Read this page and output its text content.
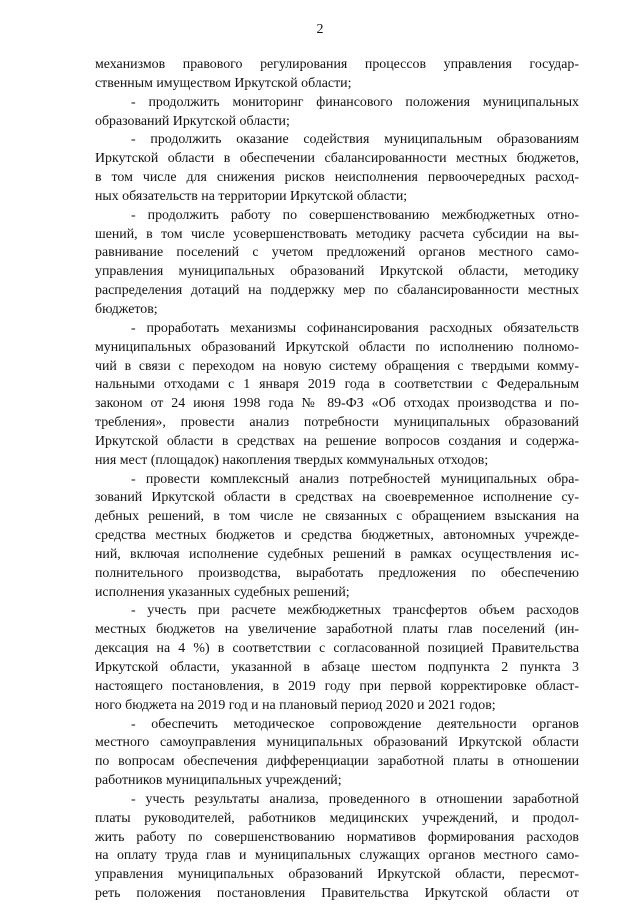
2
механизмов правового регулирования процессов управления государ-
ственным имуществом Иркутской области;
- продолжить мониторинг финансового положения муниципальных
образований Иркутской области;
- продолжить оказание содействия муниципальным образованиям
Иркутской области в обеспечении сбалансированности местных бюджетов,
в том числе для снижения рисков неисполнения первоочередных расход-
ных обязательств на территории Иркутской области;
- продолжить работу по совершенствованию межбюджетных отно-
шений, в том числе усовершенствовать методику расчета субсидии на вы-
равнивание поселений с учетом предложений органов местного само-
управления муниципальных образований Иркутской области, методику
распределения дотаций на поддержку мер по сбалансированности местных
бюджетов;
- проработать механизмы софинансирования расходных обязательств
муниципальных образований Иркутской области по исполнению полномо-
чий в связи с переходом на новую систему обращения с твердыми комму-
нальными отходами с 1 января 2019 года в соответствии с Федеральным
законом от 24 июня 1998 года № 89-ФЗ «Об отходах производства и по-
требления», провести анализ потребности муниципальных образований
Иркутской области в средствах на решение вопросов создания и содержа-
ния мест (площадок) накопления твердых коммунальных отходов;
- провести комплексный анализ потребностей муниципальных обра-
зований Иркутской области в средствах на своевременное исполнение су-
дебных решений, в том числе не связанных с обращением взыскания на
средства местных бюджетов и средства бюджетных, автономных учрежде-
ний, включая исполнение судебных решений в рамках осуществления ис-
полнительного производства, выработать предложения по обеспечению
исполнения указанных судебных решений;
- учесть при расчете межбюджетных трансфертов объем расходов
местных бюджетов на увеличение заработной платы глав поселений (ин-
дексация на 4 %) в соответствии с согласованной позицией Правительства
Иркутской области, указанной в абзаце шестом подпункта 2 пункта 3
настоящего постановления, в 2019 году при первой корректировке област-
ного бюджета на 2019 год и на плановый период 2020 и 2021 годов;
- обеспечить методическое сопровождение деятельности органов
местного самоуправления муниципальных образований Иркутской области
по вопросам обеспечения дифференциации заработной платы в отношении
работников муниципальных учреждений;
- учесть результаты анализа, проведенного в отношении заработной
платы руководителей, работников медицинских учреждений, и продол-
жить работу по совершенствованию нормативов формирования расходов
на оплату труда глав и муниципальных служащих органов местного само-
управления муниципальных образований Иркутской области, пересмот-
реть положения постановления Правительства Иркутской области от
